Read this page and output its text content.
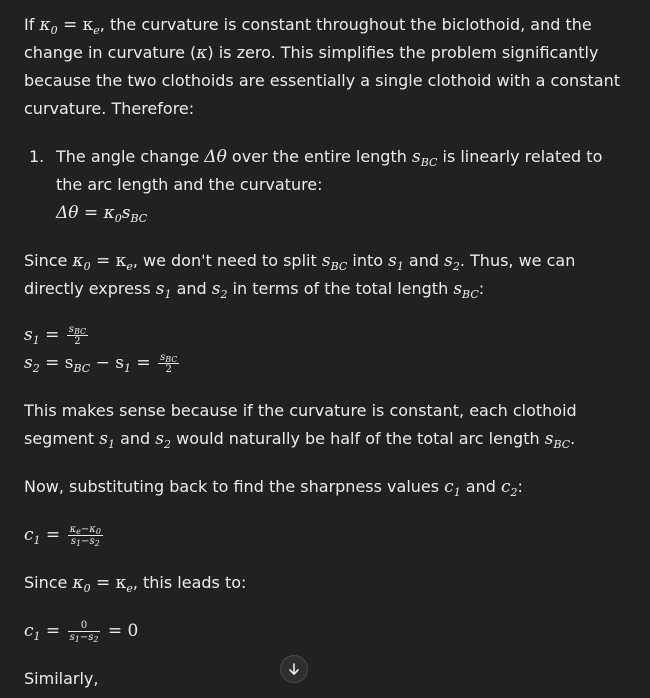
If $\kappa_0 = \kappa_e$, the curvature is constant throughout the biclothoid, and the change in curvature (κ) is zero. This simplifies the problem significantly because the two clothoids are essentially a single clothoid with a constant curvature. Therefore:

1. The angle change Δθ over the entire length $s_{BC}$ is linearly related to the arc length and the curvature:
$\Delta\theta = \kappa_0s_{BC}$

Since $\kappa_0 = \kappa_e$, we don't need to split $s_{BC}$ into $s_1$ and $s_2$. Thus, we can directly express $s_1$ and $s_2$ in terms of the total length $s_{BC}$:

$s_1 = \frac{s_{BC}}{2}$
$s_2 = s_{BC} - s_1 = \frac{s_{BC}}{2}$

This makes sense because if the curvature is constant, each clothoid segment $s_1$ and $s_2$ would naturally be half of the total arc length $s_{BC}$.

Now, substituting back to find the sharpness values $c_1$ and $c_2$:

$c_1 = \frac{\kappa_e-\kappa_0}{s_1-s_2}$

Since $\kappa_0 = \kappa_e$, this leads to:

$c_1 = \frac{0}{s_1-s_2} = 0$

Similarly,
